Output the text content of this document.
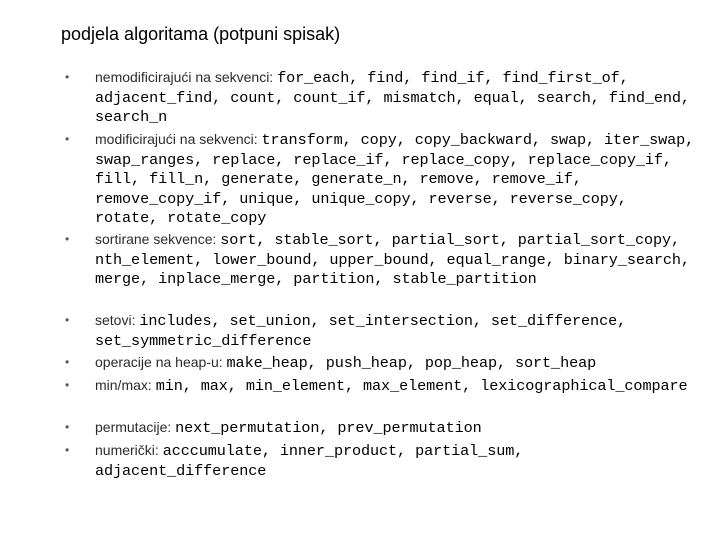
podjela algoritama (potpuni spisak)
• nemodificirajući na sekvenci: for_each, find, find_if, find_first_of, adjacent_find, count, count_if, mismatch, equal, search, find_end, search_n
• modificirajući na sekvenci: transform, copy, copy_backward, swap, iter_swap, swap_ranges, replace, replace_if, replace_copy, replace_copy_if, fill, fill_n, generate, generate_n, remove, remove_if, remove_copy_if, unique, unique_copy, reverse, reverse_copy, rotate, rotate_copy
• sortirane sekvence: sort, stable_sort, partial_sort, partial_sort_copy, nth_element, lower_bound, upper_bound, equal_range, binary_search, merge, inplace_merge, partition, stable_partition
• setovi: includes, set_union, set_intersection, set_difference, set_symmetric_difference
• operacije na heap-u: make_heap, push_heap, pop_heap, sort_heap
• min/max: min, max, min_element, max_element, lexicographical_compare
• permutacije: next_permutation, prev_permutation
• numerički: acccumulate, inner_product, partial_sum, adjacent_difference
